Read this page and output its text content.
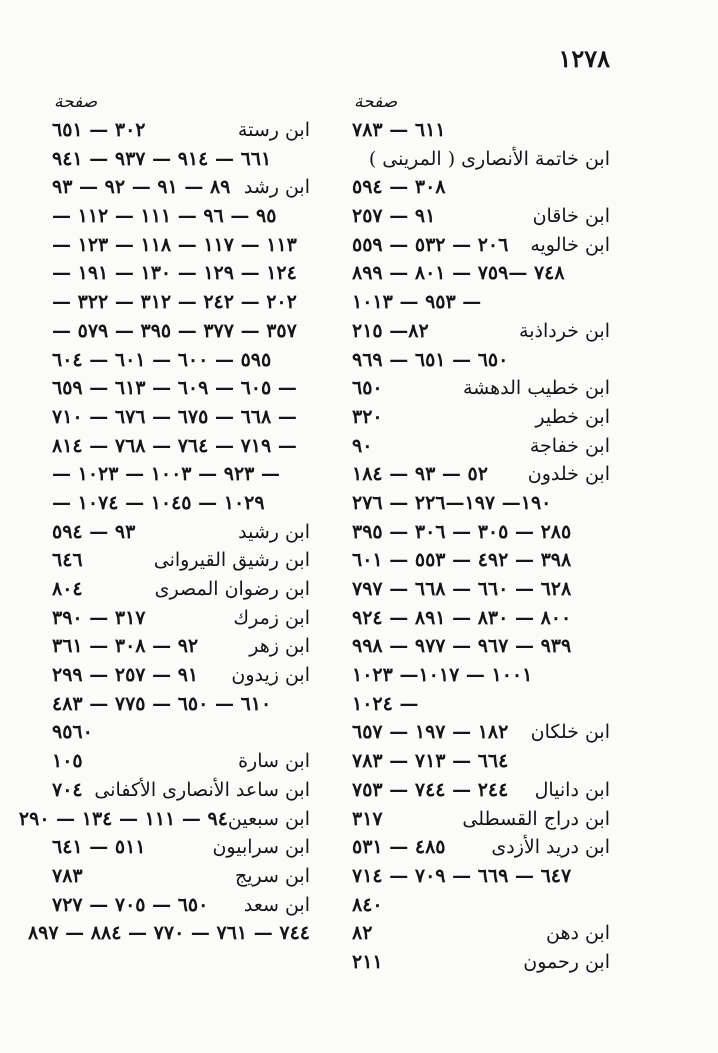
١٢٧٨
صفحة
٦١١ — ٧٨٣
ابن خاتمة الأنصارى ( المرينى )
٣٠٨ — ٥٩٤
ابن خاقان
٩١ — ٢٥٧
ابن خالويه
٢٠٦ — ٥٣٢ — ٥٥٩
٧٤٨ —٧٥٩ — ٨٠١ — ٨٩٩
— ٩٥٣ — ١٠١٣
ابن خرداذبة
٨٢— ٢١٥
٦٥٠ — ٦٥١ — ٩٦٩
ابن خطيب الدهشة
٦٥٠
ابن خطير
٣٢٠
ابن خفاجة
٩٠
ابن خلدون
٥٢ — ٩٣ — ١٨٤
١٩٠— ١٩٧—٢٢٦ — ٢٧٦
٢٨٥ — ٣٠٥ — ٣٠٦ — ٣٩٥
٣٩٨ — ٤٩٢ — ٥٥٣ — ٦٠١
٦٢٨ — ٦٦٠ — ٦٦٨ — ٧٩٧
٨٠٠ — ٨٣٠ — ٨٩١ — ٩٢٤
٩٣٩ — ٩٦٧ — ٩٧٧ — ٩٩٨
١٠٠١ — ١٠١٧— ١٠٢٣
— ١٠٢٤
ابن خلكان
١٨٢ — ١٩٧ — ٦٥٧
٦٦٤ — ٧١٣ — ٧٨٣
ابن دانيال
٢٤٤ — ٧٤٤ — ٧٥٣
ابن دراج القسطلى
٣١٧
ابن دريد الأزدى
٤٨٥ — ٥٣١
٦٤٧ — ٦٦٩ — ٧٠٩ — ٧١٤
٨٤٠
ابن دهن
٨٢
ابن رحمون
٢١١
صفحة
ابن رستة
٣٠٢ — ٦٥١
٦٦١ — ٩١٤ — ٩٣٧ — ٩٤١
ابن رشد
٨٩ — ٩١ — ٩٢ — ٩٣
٩٥ — ٩٦ — ١١١ — ١١٢ —
١١٣ — ١١٧ — ١١٨ — ١٢٣ —
١٢٤ — ١٢٩ — ١٣٠ — ١٩١ —
٢٠٢ — ٢٤٢ — ٣١٢ — ٣٢٢ —
٣٥٧ — ٣٧٧ — ٣٩٥ — ٥٧٩ —
٥٩٥ — ٦٠٠ — ٦٠١ — ٦٠٤
— ٦٠٥ — ٦٠٩ — ٦١٣ — ٦٥٩
— ٦٦٨ — ٦٧٥ — ٦٧٦ — ٧١٠
— ٧١٩ — ٧٦٤ — ٧٦٨ — ٨١٤
— ٩٢٣ — ١٠٠٣ — ١٠٢٣ —
١٠٢٩ — ١٠٤٥ — ١٠٧٤ —
ابن رشيد
٩٣ — ٥٩٤
ابن رشيق القيروانى
٦٤٦
ابن رضوان المصرى
٨٠٤
ابن زمرك
٣١٧ — ٣٩٠
ابن زهر
٩٢ — ٣٠٨ — ٣٦١
ابن زيدون
٩١ — ٢٥٧ — ٢٩٩
٦١٠ — ٦٥٠ — ٧٧٥ — ٤٨٣
٩٥٦٠
ابن سارة
١٠٥
ابن ساعد الأنصارى الأكفانى
٧٠٤
ابن سبعين
٩٤ — ١١١ — ١٣٤ — ٢٩٠
ابن سرابيون
٥١١ — ٦٤١
ابن سريج
٧٨٣
ابن سعد
٦٥٠ — ٧٠٥ — ٧٢٧
٧٤٤ — ٧٦١ — ٧٧٠ — ٨٨٤ — ٨٩٧
